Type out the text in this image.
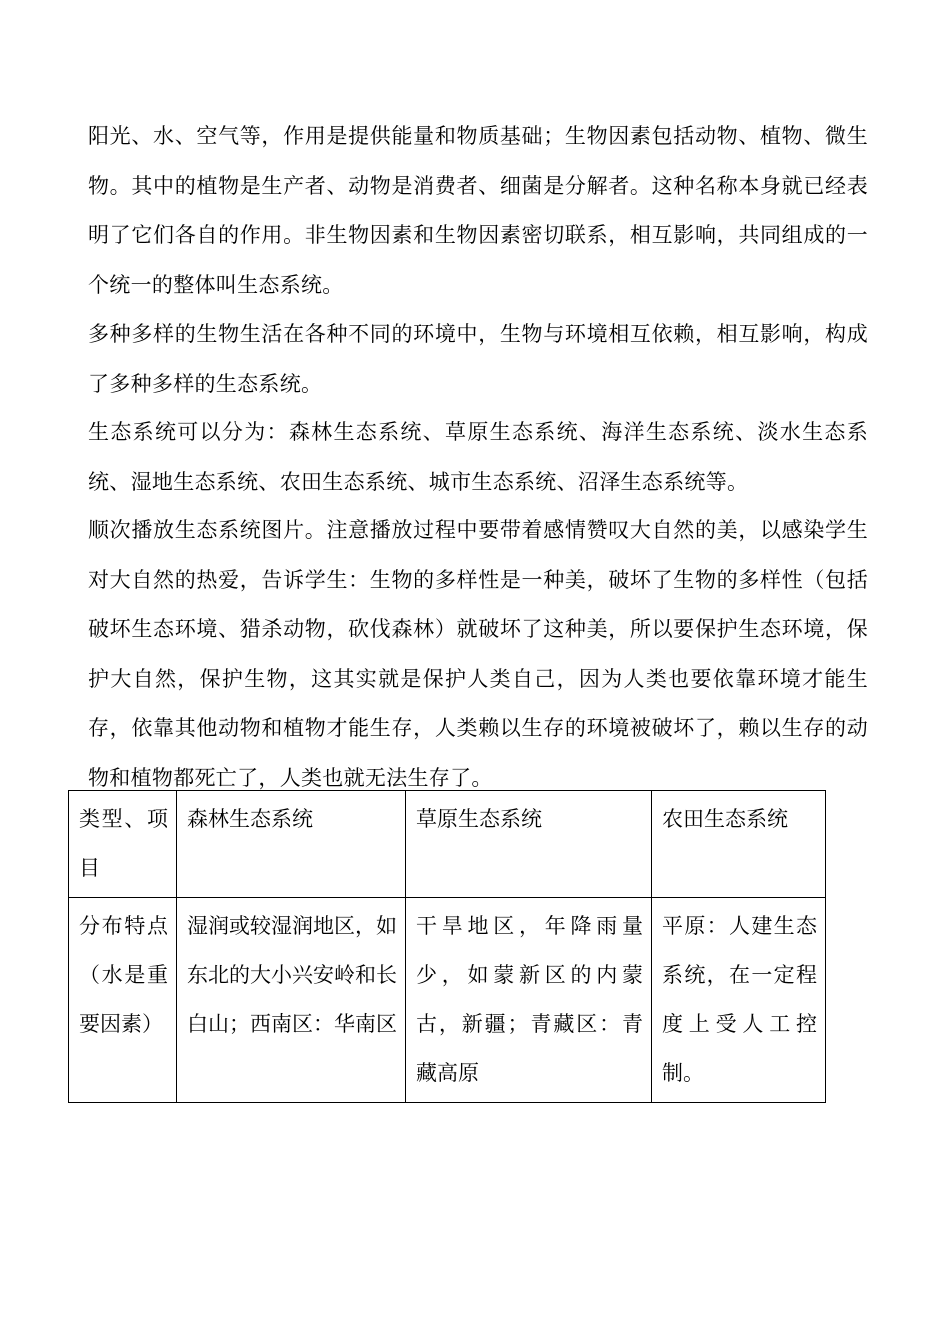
阳光、水、空气等，作用是提供能量和物质基础；生物因素包括动物、植物、微生物。其中的植物是生产者、动物是消费者、细菌是分解者。这种名称本身就已经表明了它们各自的作用。非生物因素和生物因素密切联系，相互影响，共同组成的一个统一的整体叫生态系统。

多种多样的生物生活在各种不同的环境中，生物与环境相互依赖，相互影响，构成了多种多样的生态系统。

生态系统可以分为：森林生态系统、草原生态系统、海洋生态系统、淡水生态系统、湿地生态系统、农田生态系统、城市生态系统、沼泽生态系统等。

顺次播放生态系统图片。注意播放过程中要带着感情赞叹大自然的美，以感染学生对大自然的热爱，告诉学生：生物的多样性是一种美，破坏了生物的多样性（包括破坏生态环境、猎杀动物，砍伐森林）就破坏了这种美，所以要保护生态环境，保护大自然，保护生物，这其实就是保护人类自己，因为人类也要依靠环境才能生存，依靠其他动物和植物才能生存，人类赖以生存的环境被破坏了，赖以生存的动物和植物都死亡了，人类也就无法生存了。

类型、项目	森林生态系统	草原生态系统	农田生态系统
分布特点（水是重要因素）	湿润或较湿润地区，如东北的大小兴安岭和长白山；西南区：华南区	干旱地区，年降雨量少，如蒙新区的内蒙古，新疆；青藏区：青藏高原	平原：人建生态系统，在一定程度上受人工控制。
